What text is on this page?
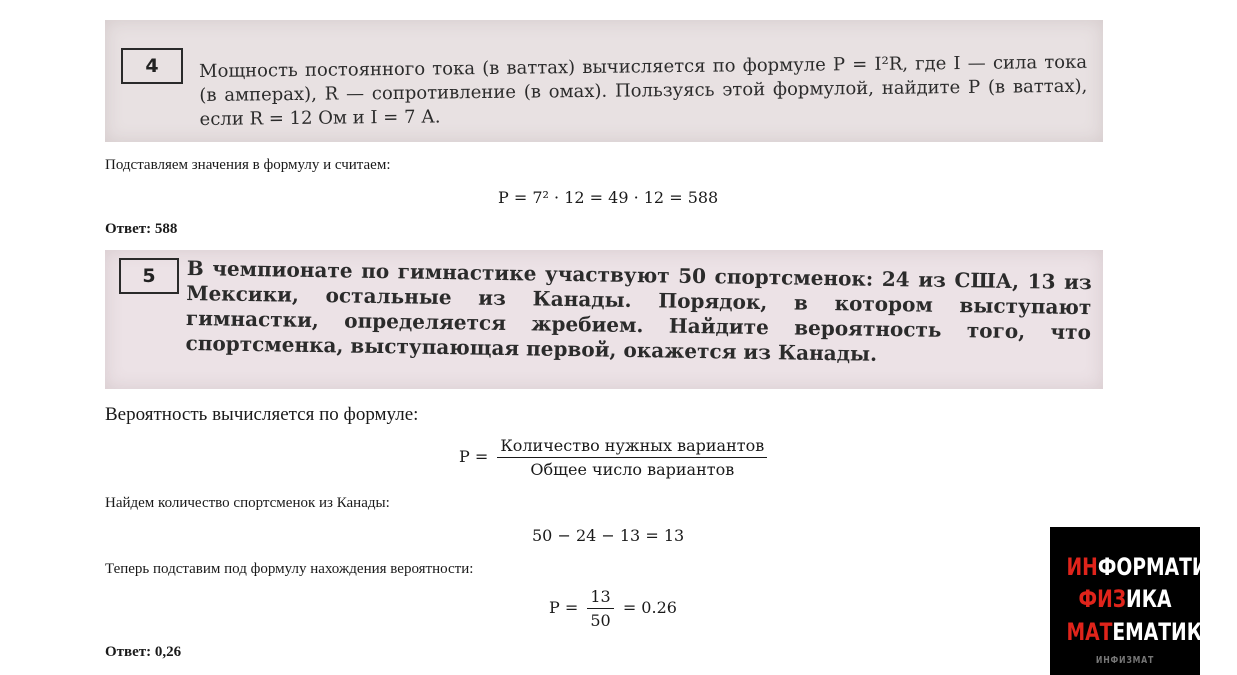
4	Мощность постоянного тока (в ваттах) вычисляется по формуле P = I²R, где I — сила тока (в амперах), R — сопротивление (в омах). Пользуясь этой формулой, найдите P (в ваттах), если R = 12 Ом и I = 7 А.
Подставляем значения в формулу и считаем:
P = 7² · 12 = 49 · 12 = 588
Ответ: 588
5	В чемпионате по гимнастике участвуют 50 спортсменок: 24 из США, 13 из Мексики, остальные из Канады. Порядок, в котором выступают гимнастки, определяется жребием. Найдите вероятность того, что спортсменка, выступающая первой, окажется из Канады.
Вероятность вычисляется по формуле:
$P = \frac{\text{Количество нужных вариантов}}{\text{Общее число вариантов}}$
Найдем количество спортсменок из Канады:
50 − 24 − 13 = 13
Теперь подставим под формулу нахождения вероятности:
$P = \frac{13}{50} = 0.26$
Ответ: 0,26
ИНФОРМАТИКА
ФИЗИКА
МАТЕМАТИКА
ИНФИЗМАТ
